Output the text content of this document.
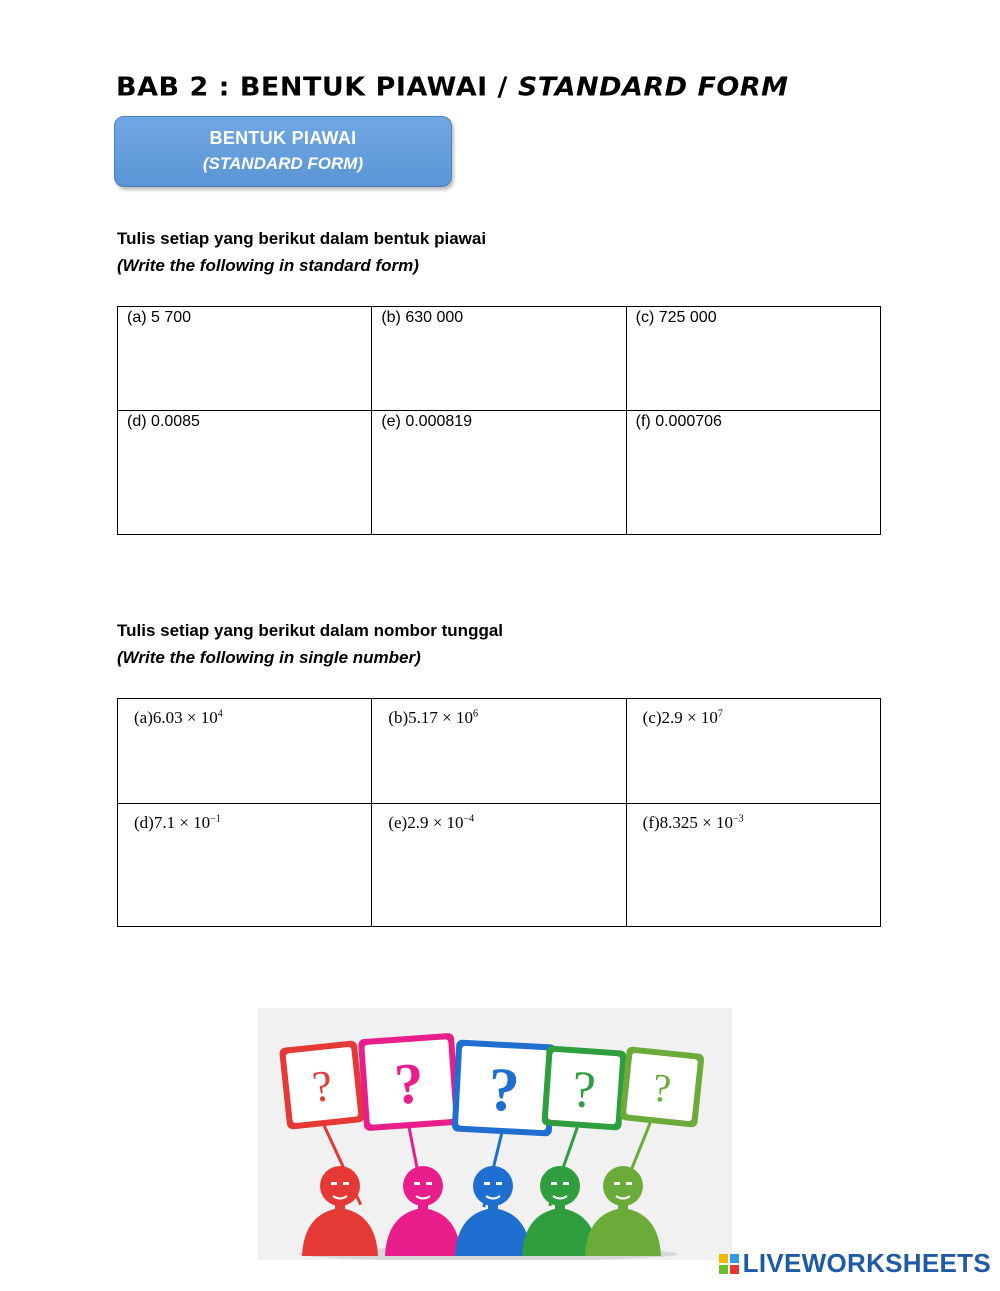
BAB 2 : BENTUK PIAWAI / STANDARD FORM
BENTUK PIAWAI
(STANDARD FORM)
Tulis setiap yang berikut dalam bentuk piawai
(Write the following in standard form)
(a) 5 700	(b) 630 000	(c) 725 000

(d) 0.0085	(e) 0.000819	(f) 0.000706
Tulis setiap yang berikut dalam nombor tunggal
(Write the following in single number)
$(a)6.03 \times 10^4$	$(b)5.17 \times 10^6$	$(c)2.9 \times 10^7$

$(d)7.1 \times 10^{-1}$	$(e)2.9 \times 10^{-4}$	$(f)8.325 \times 10^{-3}$
? ? ? ? ?
LIVEWORKSHEETS
